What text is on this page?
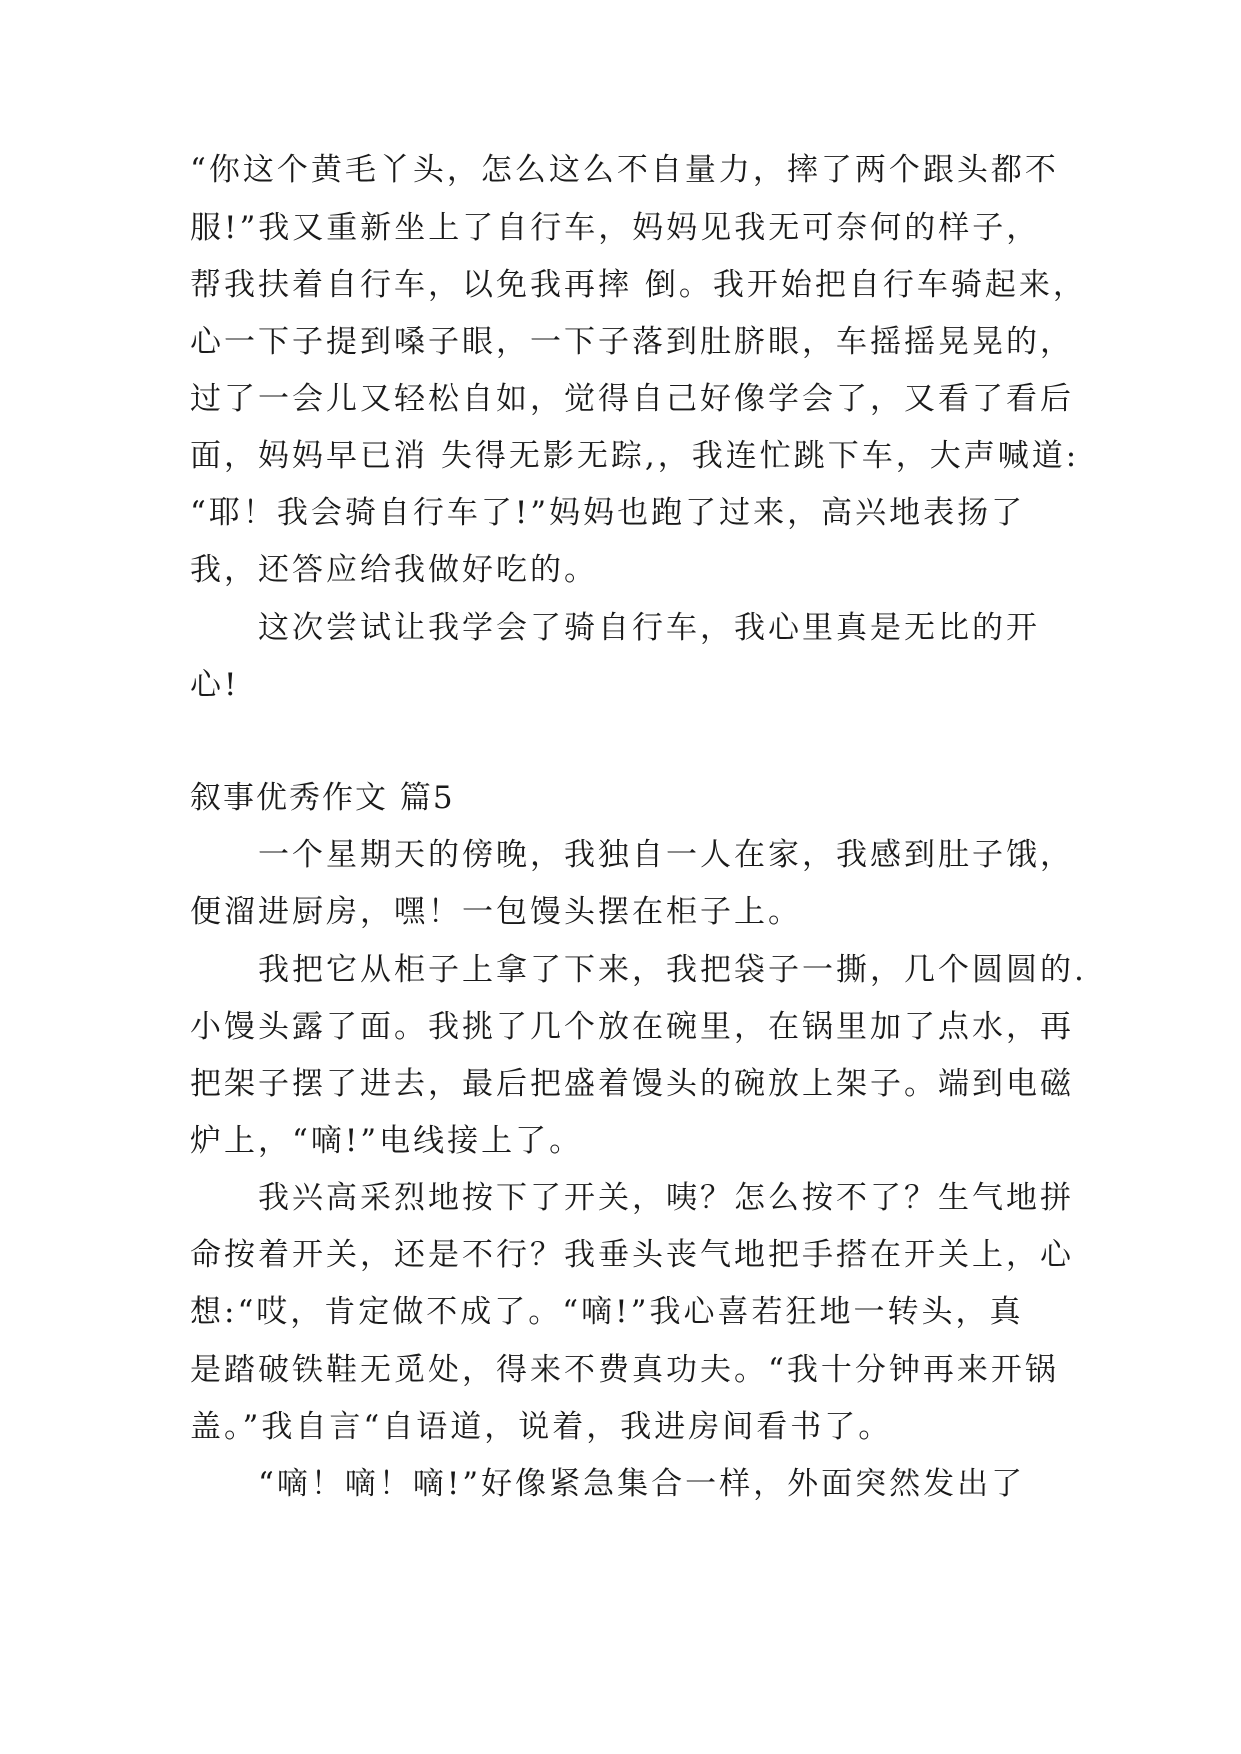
“你这个黄毛丫头，怎么这么不自量力，摔了两个跟头都不
服!”我又重新坐上了自行车，妈妈见我无可奈何的样子，
帮我扶着自行车，以免我再摔 倒。我开始把自行车骑起来，
心一下子提到嗓子眼，一下子落到肚脐眼，车摇摇晃晃的，
过了一会儿又轻松自如，觉得自己好像学会了，又看了看后
面，妈妈早已消 失得无影无踪,，我连忙跳下车，大声喊道:
“耶！我会骑自行车了!”妈妈也跑了过来，高兴地表扬了
我，还答应给我做好吃的。
　　这次尝试让我学会了骑自行车，我心里真是无比的开
心!
叙事优秀作文 篇5
　　一个星期天的傍晚，我独自一人在家，我感到肚子饿，
便溜进厨房，嘿！一包馒头摆在柜子上。
　　我把它从柜子上拿了下来，我把袋子一撕，几个圆圆的.
小馒头露了面。我挑了几个放在碗里，在锅里加了点水，再
把架子摆了进去，最后把盛着馒头的碗放上架子。端到电磁
炉上，“嘀!”电线接上了。
　　我兴高采烈地按下了开关，咦？怎么按不了？生气地拼
命按着开关，还是不行？我垂头丧气地把手搭在开关上，心
想:“哎，肯定做不成了。“嘀!”我心喜若狂地一转头，真
是踏破铁鞋无觅处，得来不费真功夫。“我十分钟再来开锅
盖。”我自言“自语道，说着，我进房间看书了。
　　“嘀！嘀！嘀!”好像紧急集合一样，外面突然发出了
